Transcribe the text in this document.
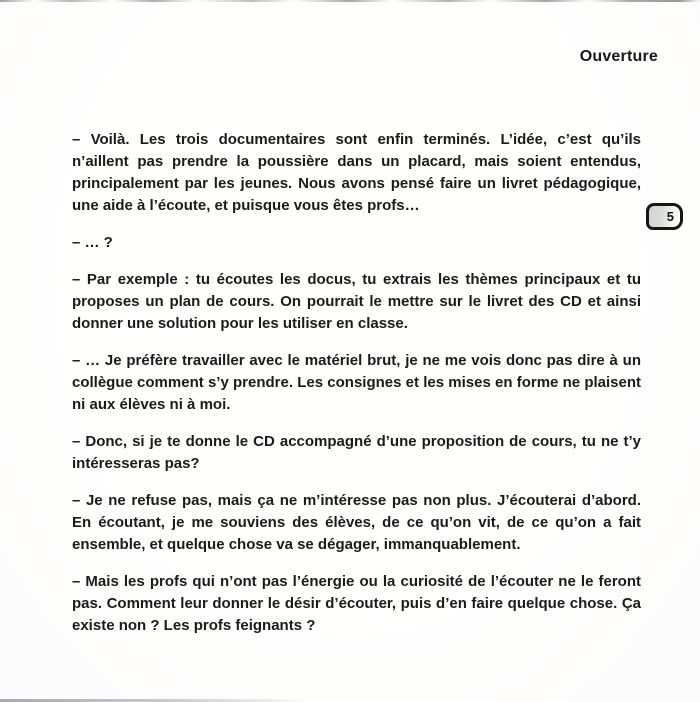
Ouverture
5

– Voilà. Les trois documentaires sont enfin terminés. L’idée, c’est qu’ils n’aillent pas prendre la poussière dans un placard, mais soient entendus, principalement par les jeunes. Nous avons pensé faire un livret pédagogique, une aide à l’écoute, et puisque vous êtes profs…

– … ?

– Par exemple : tu écoutes les docus, tu extrais les thèmes principaux et tu proposes un plan de cours. On pourrait le mettre sur le livret des CD et ainsi donner une solution pour les utiliser en classe.

– … Je préfère travailler avec le matériel brut, je ne me vois donc pas dire à un collègue comment s’y prendre. Les consignes et les mises en forme ne plaisent ni aux élèves ni à moi.

– Donc, si je te donne le CD accompagné d’une proposition de cours, tu ne t’y intéresseras pas?

– Je ne refuse pas, mais ça ne m’intéresse pas non plus. J’écouterai d’abord. En écoutant, je me souviens des élèves, de ce qu’on vit, de ce qu’on a fait ensemble, et quelque chose va se dégager, immanquablement.

– Mais les profs qui n’ont pas l’énergie ou la curiosité de l’écouter ne le feront pas. Comment leur donner le désir d’écouter, puis d’en faire quelque chose. Ça existe non ? Les profs feignants ?
